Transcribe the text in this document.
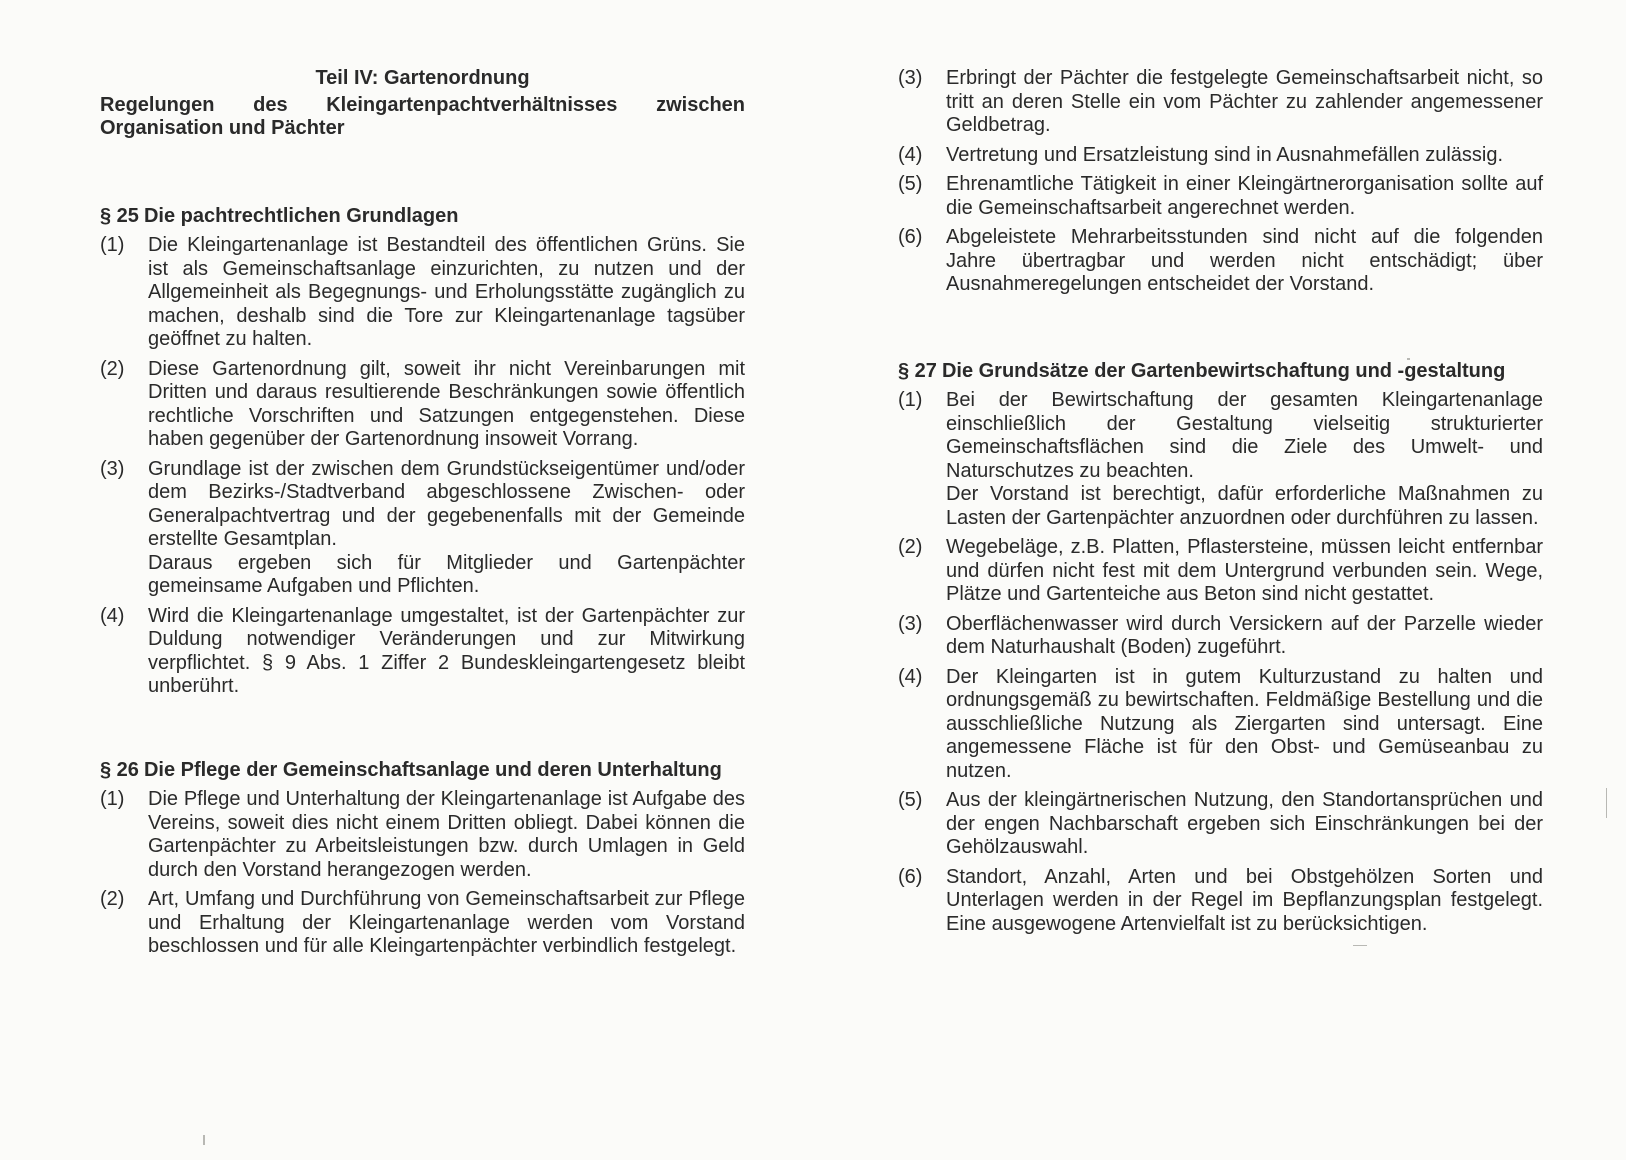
Teil IV: Gartenordnung
Regelungen des Kleingartenpachtverhältnisses zwischen Organisation und Pächter
§ 25 Die pachtrechtlichen Grundlagen
(1)	Die Kleingartenanlage ist Bestandteil des öffentlichen Grüns. Sie ist als Gemeinschaftsanlage einzurichten, zu nutzen und der Allgemeinheit als Begegnungs- und Erholungsstätte zugänglich zu machen, deshalb sind die Tore zur Kleingartenanlage tagsüber geöffnet zu halten.
(2)	Diese Gartenordnung gilt, soweit ihr nicht Vereinbarungen mit Dritten und daraus resultierende Beschränkungen sowie öffentlich rechtliche Vorschriften und Satzungen entgegenstehen. Diese haben gegenüber der Gartenordnung insoweit Vorrang.
(3)	Grundlage ist der zwischen dem Grundstückseigentümer und/oder dem Bezirks-/Stadtverband abgeschlossene Zwischen- oder Generalpachtvertrag und der gegebenenfalls mit der Gemeinde erstellte Gesamtplan.
Daraus ergeben sich für Mitglieder und Gartenpächter gemeinsame Aufgaben und Pflichten.
(4)	Wird die Kleingartenanlage umgestaltet, ist der Gartenpächter zur Duldung notwendiger Veränderungen und zur Mitwirkung verpflichtet. § 9 Abs. 1 Ziffer 2 Bundeskleingartengesetz bleibt unberührt.
§ 26 Die Pflege der Gemeinschaftsanlage und deren Unterhaltung
(1)	Die Pflege und Unterhaltung der Kleingartenanlage ist Aufgabe des Vereins, soweit dies nicht einem Dritten obliegt. Dabei können die Gartenpächter zu Arbeitsleistungen bzw. durch Umlagen in Geld durch den Vorstand herangezogen werden.
(2)	Art, Umfang und Durchführung von Gemeinschaftsarbeit zur Pflege und Erhaltung der Kleingartenanlage werden vom Vorstand beschlossen und für alle Kleingartenpächter verbindlich festgelegt.
(3)	Erbringt der Pächter die festgelegte Gemeinschaftsarbeit nicht, so tritt an deren Stelle ein vom Pächter zu zahlender angemessener Geldbetrag.
(4)	Vertretung und Ersatzleistung sind in Ausnahmefällen zulässig.
(5)	Ehrenamtliche Tätigkeit in einer Kleingärtnerorganisation sollte auf die Gemeinschaftsarbeit angerechnet werden.
(6)	Abgeleistete Mehrarbeitsstunden sind nicht auf die folgenden Jahre übertragbar und werden nicht entschädigt; über Ausnahmeregelungen entscheidet der Vorstand.
§ 27 Die Grundsätze der Gartenbewirtschaftung und -gestaltung
(1)	Bei der Bewirtschaftung der gesamten Kleingartenanlage einschließlich der Gestaltung vielseitig strukturierter Gemeinschaftsflächen sind die Ziele des Umwelt- und Naturschutzes zu beachten.
Der Vorstand ist berechtigt, dafür erforderliche Maßnahmen zu Lasten der Gartenpächter anzuordnen oder durchführen zu lassen.
(2)	Wegebeläge, z.B. Platten, Pflastersteine, müssen leicht entfernbar und dürfen nicht fest mit dem Untergrund verbunden sein. Wege, Plätze und Gartenteiche aus Beton sind nicht gestattet.
(3)	Oberflächenwasser wird durch Versickern auf der Parzelle wieder dem Naturhaushalt (Boden) zugeführt.
(4)	Der Kleingarten ist in gutem Kulturzustand zu halten und ordnungsgemäß zu bewirtschaften. Feldmäßige Bestellung und die ausschließliche Nutzung als Ziergarten sind untersagt. Eine angemessene Fläche ist für den Obst- und Gemüseanbau zu nutzen.
(5)	Aus der kleingärtnerischen Nutzung, den Standortansprüchen und der engen Nachbarschaft ergeben sich Einschränkungen bei der Gehölzauswahl.
(6)	Standort, Anzahl, Arten und bei Obstgehölzen Sorten und Unterlagen werden in der Regel im Bepflanzungsplan festgelegt. Eine ausgewogene Artenvielfalt ist zu berücksichtigen.
